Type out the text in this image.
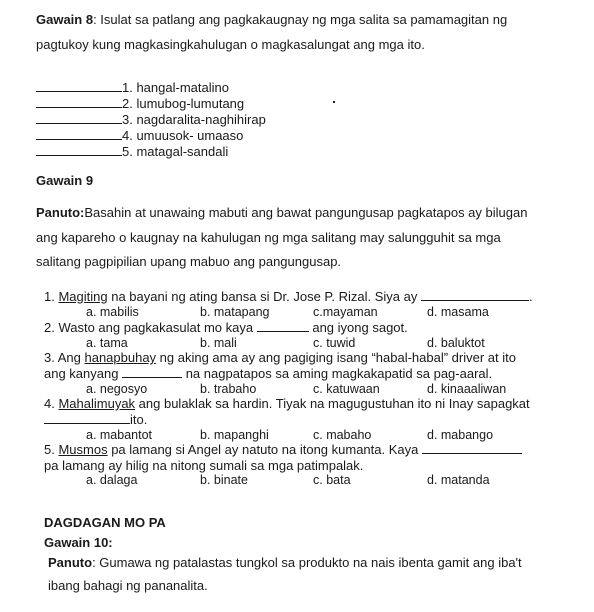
Gawain 8: Isulat sa patlang ang pagkakaugnay ng mga salita sa pamamagitan ng
pagtukoy kung magkasingkahulugan o magkasalungat ang mga ito.
1. hangal-matalino
2. lumubog-lumutang
3. nagdaralita-naghihirap
4. umuusok- umaaso
5. matagal-sandali
Gawain 9
Panuto:Basahin at unawaing mabuti ang bawat pangungusap pagkatapos ay bilugan
ang kapareho o kaugnay na kahulugan ng mga salitang may salungguhit sa mga
salitang pagpipilian upang mabuo ang pangungusap.
1. Magiting na bayani ng ating bansa si Dr. Jose P. Rizal. Siya ay	.
a. mabilis	b. matapang	c.mayaman	d. masama
2. Wasto ang pagkakasulat mo kaya	ang iyong sagot.
a. tama	b. mali	c. tuwid	d. baluktot
3. Ang hanapbuhay ng aking ama ay ang pagiging isang “habal-habal” driver at ito
ang kanyang	na nagpatapos sa aming magkakapatid sa pag-aaral.
a. negosyo	b. trabaho	c. katuwaan	d. kinaaaliwan
4. Mahalimuyak ang bulaklak sa hardin. Tiyak na magugustuhan ito ni Inay sapagkat
ito.
a. mabantot	b. mapanghi	c. mabaho	d. mabango
5. Musmos pa lamang si Angel ay natuto na itong kumanta. Kaya
pa lamang ay hilig na nitong sumali sa mga patimpalak.
a. dalaga	b. binate	c. bata	d. matanda
DAGDAGAN MO PA
Gawain 10:
Panuto: Gumawa ng patalastas tungkol sa produkto na nais ibenta gamit ang iba't
ibang bahagi ng pananalita.
